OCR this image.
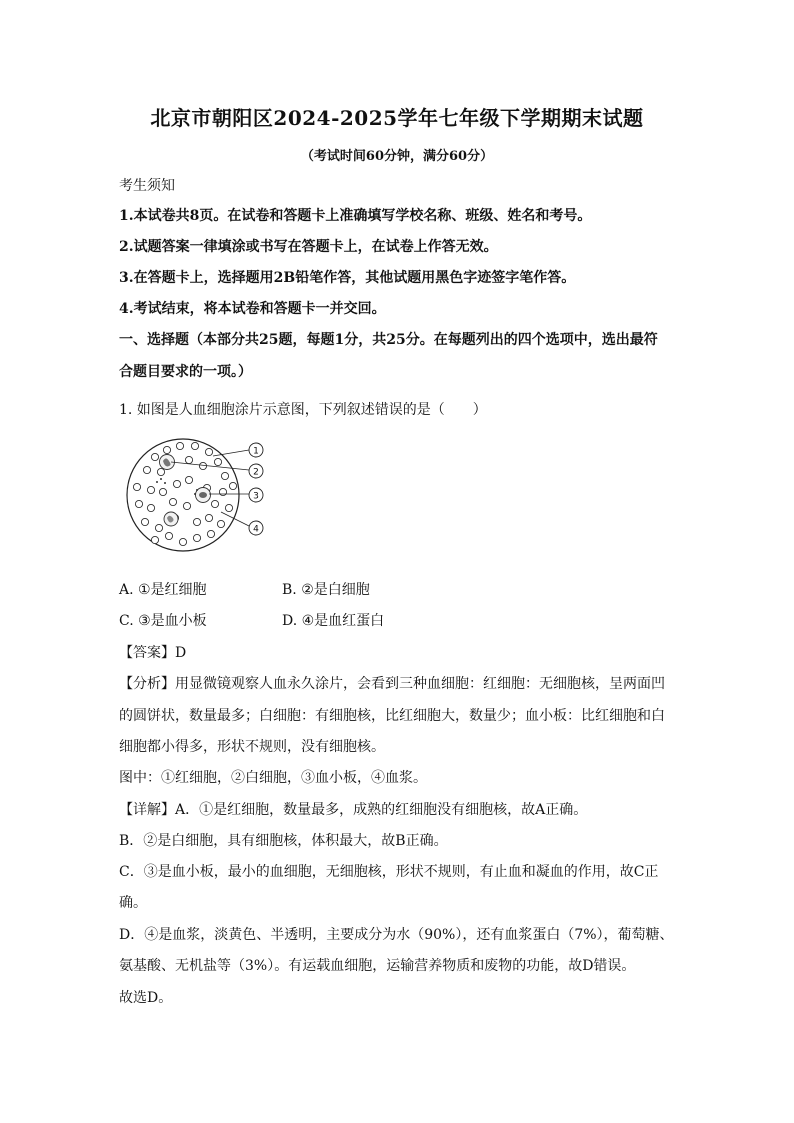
北京市朝阳区2024-2025学年七年级下学期期末试题
（考试时间60分钟，满分60分）
考生须知
1.本试卷共8页。在试卷和答题卡上准确填写学校名称、班级、姓名和考号。
2.试题答案一律填涂或书写在答题卡上，在试卷上作答无效。
3.在答题卡上，选择题用2B铅笔作答，其他试题用黑色字迹签字笔作答。
4.考试结束，将本试卷和答题卡一并交回。
一、选择题（本部分共25题，每题1分，共25分。在每题列出的四个选项中，选出最符
合题目要求的一项。）
1. 如图是人血细胞涂片示意图，下列叙述错误的是（　　）
1
2
3
4
A. ①是红细胞	B. ②是白细胞
C. ③是血小板	D. ④是血红蛋白
【答案】D
【分析】用显微镜观察人血永久涂片，会看到三种血细胞：红细胞：无细胞核，呈两面凹
的圆饼状，数量最多；白细胞：有细胞核，比红细胞大，数量少；血小板：比红细胞和白
细胞都小得多，形状不规则，没有细胞核。
图中：①红细胞，②白细胞，③血小板，④血浆。
【详解】A．①是红细胞，数量最多，成熟的红细胞没有细胞核，故A正确。
B．②是白细胞，具有细胞核，体积最大，故B正确。
C．③是血小板，最小的血细胞，无细胞核，形状不规则，有止血和凝血的作用，故C正
确。
D．④是血浆，淡黄色、半透明，主要成分为水（90%），还有血浆蛋白（7%），葡萄糖、
氨基酸、无机盐等（3%）。有运载血细胞，运输营养物质和废物的功能，故D错误。
故选D。
